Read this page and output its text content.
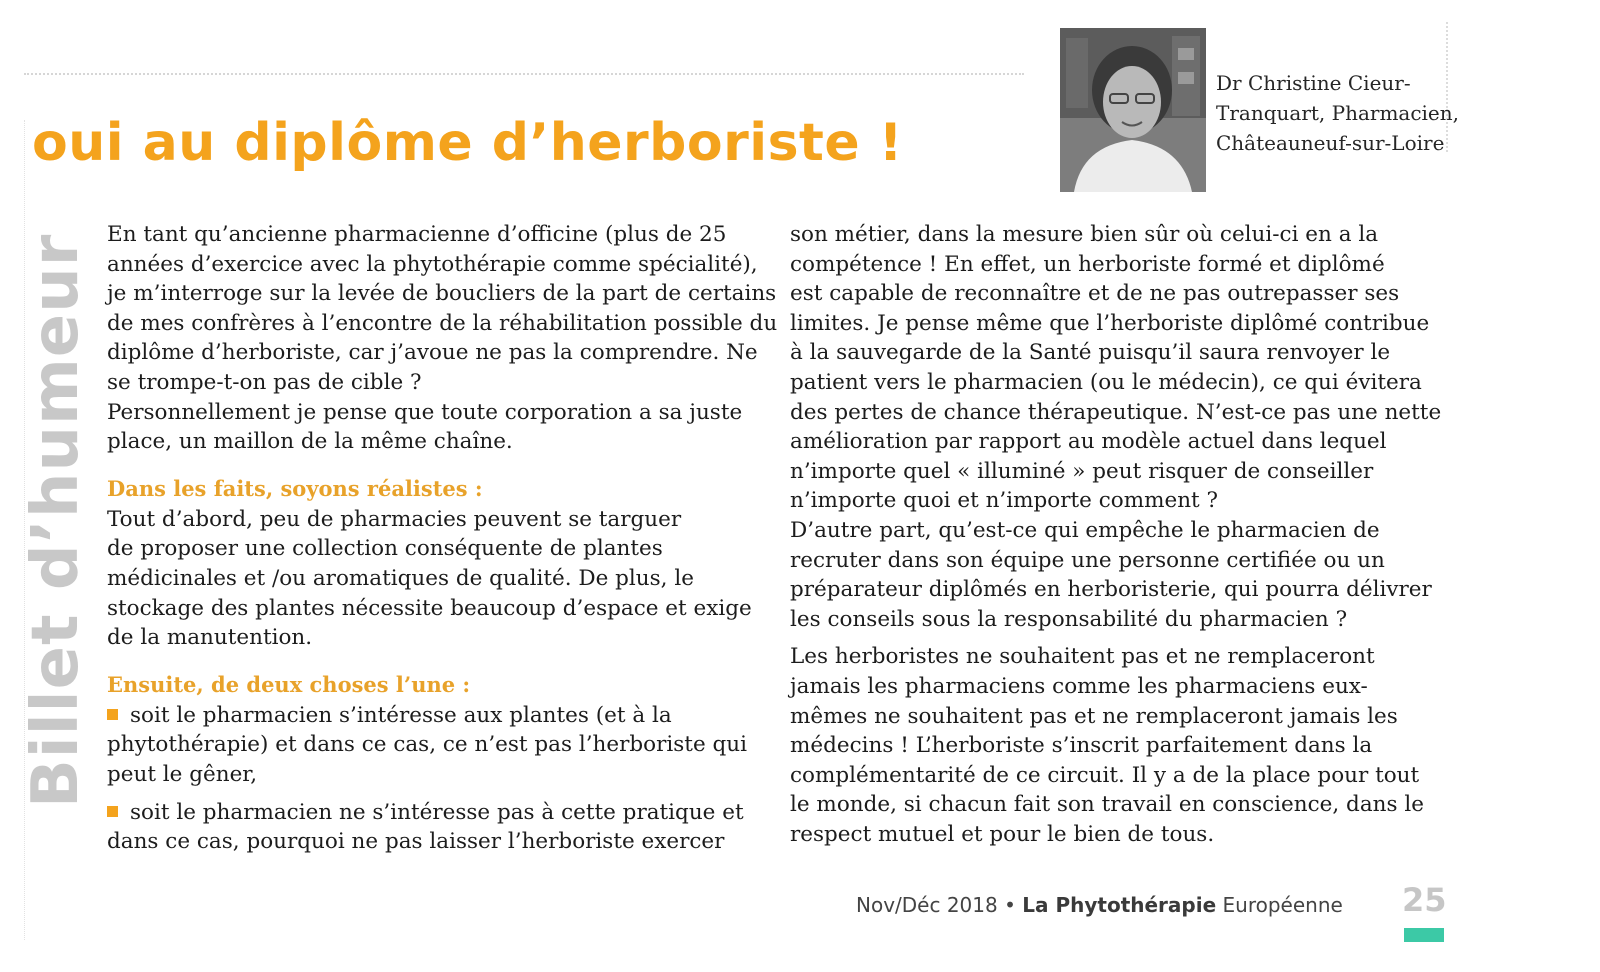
oui au diplôme d’herboriste !
Dr Christine Cieur-
Tranquart, Pharmacien,
Châteauneuf-sur-Loire
Billet d’humeur En tant qu’ancienne pharmacienne d’officine (plus de 25
années d’exercice avec la phytothérapie comme spécialité),
je m’interroge sur la levée de boucliers de la part de certains
de mes confrères à l’encontre de la réhabilitation possible du
diplôme d’herboriste, car j’avoue ne pas la comprendre. Ne
se trompe-t-on pas de cible ?
Personnellement je pense que toute corporation a sa juste
place, un maillon de la même chaîne.
Dans les faits, soyons réalistes :
Tout d’abord, peu de pharmacies peuvent se targuer
de proposer une collection conséquente de plantes
médicinales et /ou aromatiques de qualité. De plus, le
stockage des plantes nécessite beaucoup d’espace et exige
de la manutention.
Ensuite, de deux choses l’une :
soit le pharmacien s’intéresse aux plantes (et à la
phytothérapie) et dans ce cas, ce n’est pas l’herboriste qui
peut le gêner,
soit le pharmacien ne s’intéresse pas à cette pratique et
dans ce cas, pourquoi ne pas laisser l’herboriste exercer
son métier, dans la mesure bien sûr où celui-ci en a la
compétence ! En effet, un herboriste formé et diplômé
est capable de reconnaître et de ne pas outrepasser ses
limites. Je pense même que l’herboriste diplômé contribue
à la sauvegarde de la Santé puisqu’il saura renvoyer le
patient vers le pharmacien (ou le médecin), ce qui évitera
des pertes de chance thérapeutique. N’est-ce pas une nette
amélioration par rapport au modèle actuel dans lequel
n’importe quel « illuminé » peut risquer de conseiller
n’importe quoi et n’importe comment ?
D’autre part, qu’est-ce qui empêche le pharmacien de
recruter dans son équipe une personne certifiée ou un
préparateur diplômés en herboristerie, qui pourra délivrer
les conseils sous la responsabilité du pharmacien ?
Les herboristes ne souhaitent pas et ne remplaceront
jamais les pharmaciens comme les pharmaciens eux-
mêmes ne souhaitent pas et ne remplaceront jamais les
médecins ! L’herboriste s’inscrit parfaitement dans la
complémentarité de ce circuit. Il y a de la place pour tout
le monde, si chacun fait son travail en conscience, dans le
respect mutuel et pour le bien de tous.
Nov/Déc 2018 • La Phytothérapie Européenne 25
